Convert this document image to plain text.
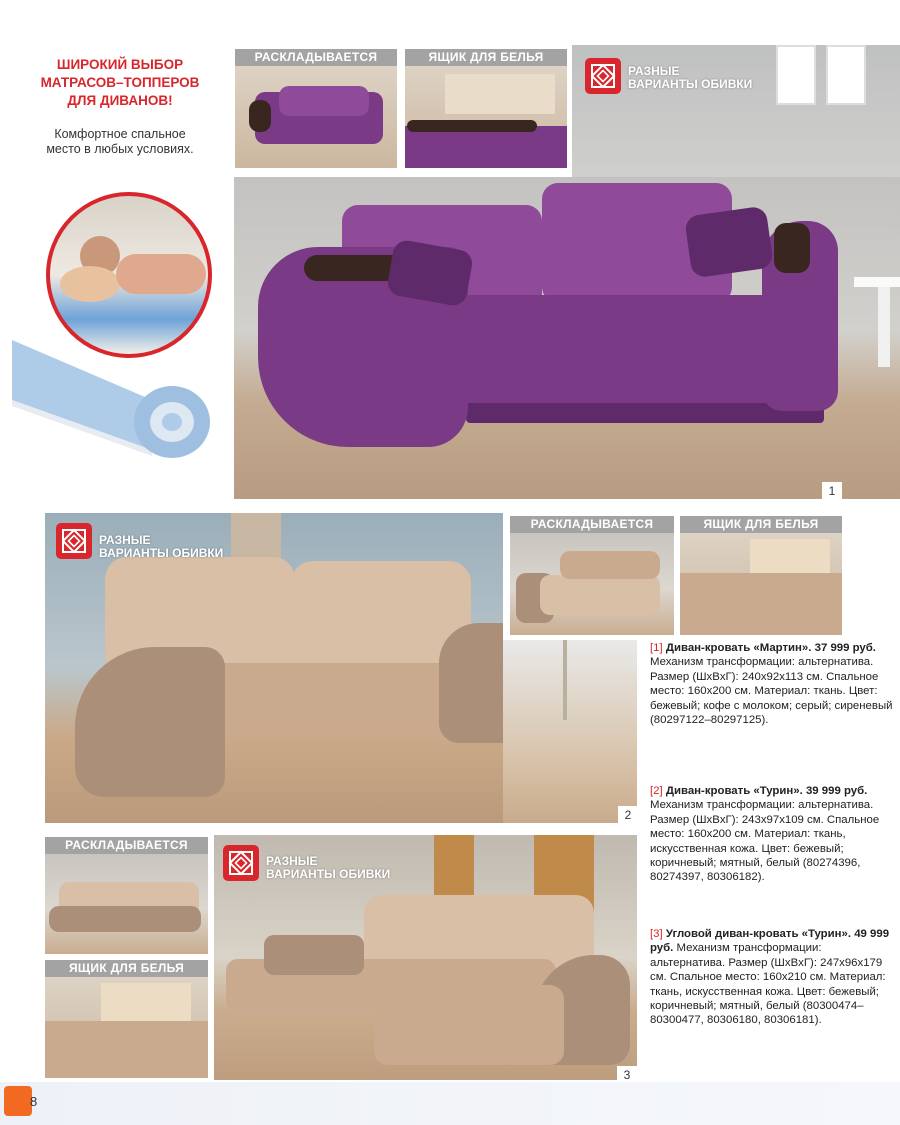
ШИРОКИЙ ВЫБОР
МАТРАСОВ–ТОППЕРОВ
ДЛЯ ДИВАНОВ!
Комфортное спальное
место в любых условиях.
РАСКЛАДЫВАЕТСЯ	ЯЩИК ДЛЯ БЕЛЬЯ
РАЗНЫЕ
ВАРИАНТЫ ОБИВКИ
1
РАЗНЫЕ
ВАРИАНТЫ ОБИВКИ
2
РАСКЛАДЫВАЕТСЯ	ЯЩИК ДЛЯ БЕЛЬЯ
РАСКЛАДЫВАЕТСЯ
ЯЩИК ДЛЯ БЕЛЬЯ
РАЗНЫЕ
ВАРИАНТЫ ОБИВКИ
3
[1] Диван-кровать «Мартин». 37 999 руб. Механизм трансформации: альтернатива. Размер (ШxВxГ): 240x92x113 см. Спальное место: 160x200 см. Материал: ткань. Цвет: бежевый; кофе с молоком; серый; сиреневый (80297122–80297125).
[2] Диван-кровать «Турин». 39 999 руб. Механизм трансформации: альтернатива. Размер (ШxВxГ): 243x97x109 см. Спальное место: 160x200 см. Материал: ткань, искусственная кожа. Цвет: бежевый; коричневый; мятный, белый (80274396, 80274397, 80306182).
[3] Угловой диван-кровать «Турин». 49 999 руб. Механизм трансформации: альтернатива. Размер (ШxВxГ): 247x96x179 см. Спальное место: 160x210 см. Материал: ткань, искусственная кожа. Цвет: бежевый; коричневый; мятный, белый (80300474–80300477, 80306180, 80306181).
8
